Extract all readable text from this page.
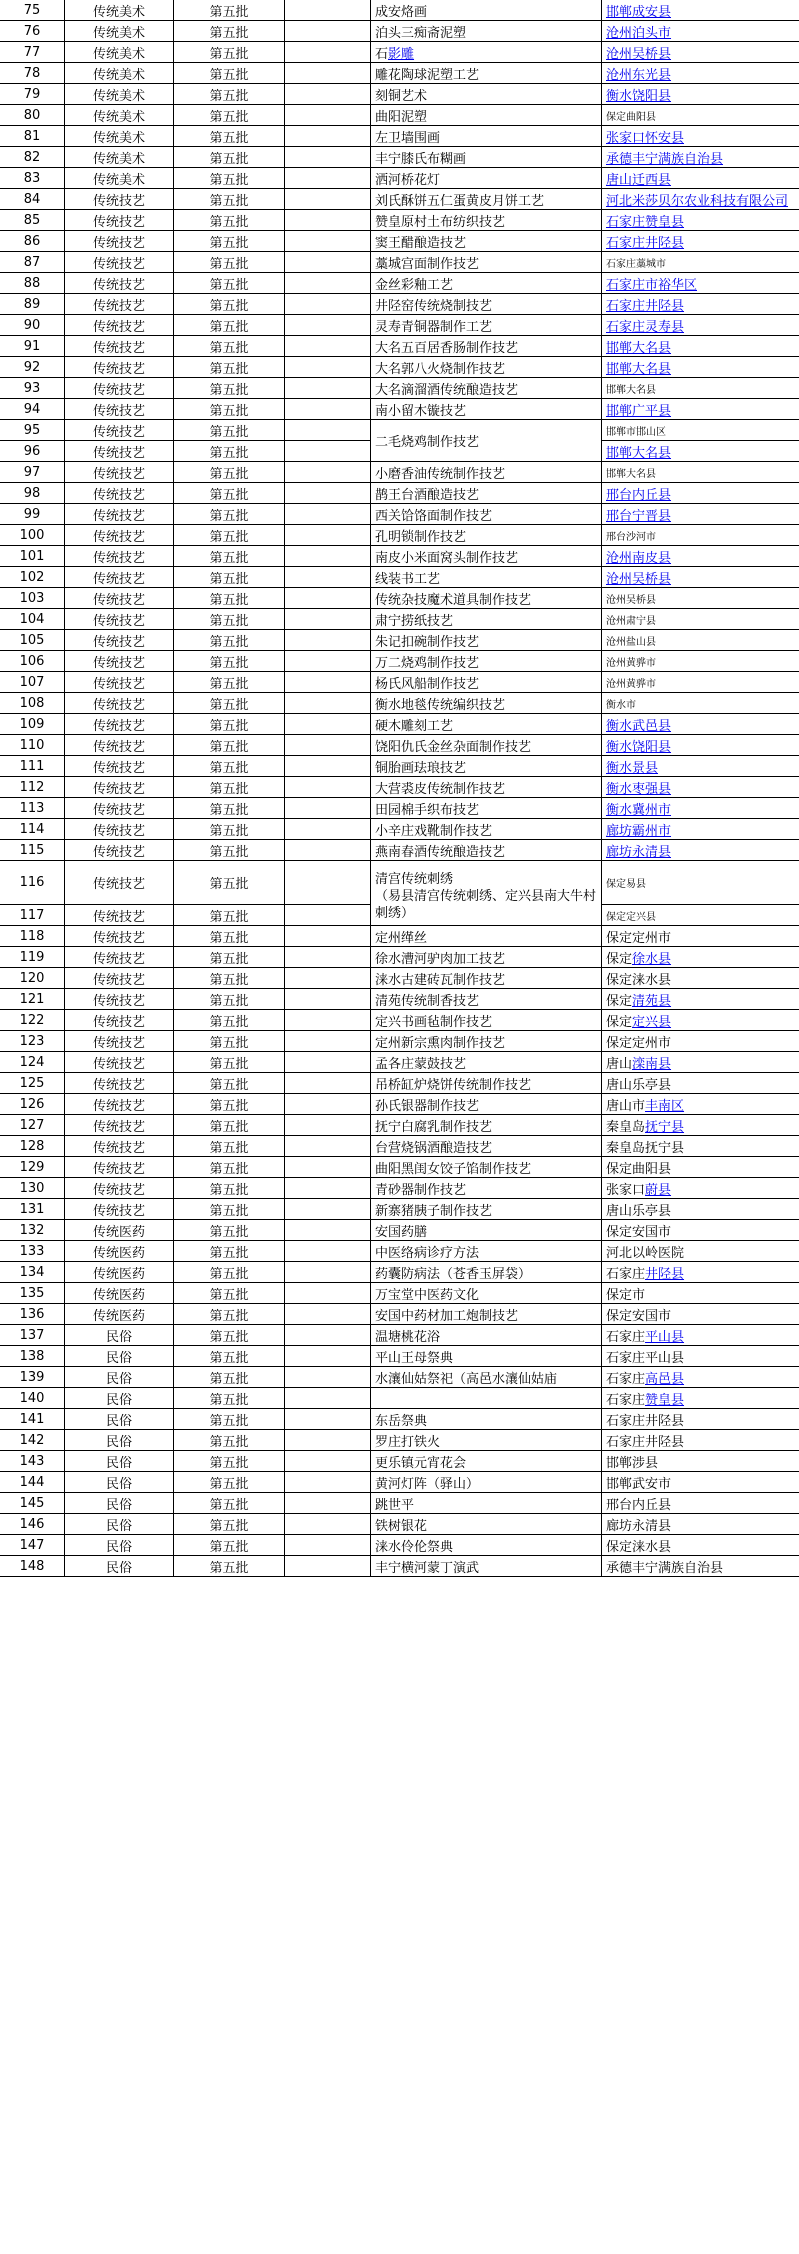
75	传统美术	第五批		成安烙画	邯郸成安县
76	传统美术	第五批		泊头三痴斋泥塑	沧州泊头市
77	传统美术	第五批		石影雕	沧州吴桥县
78	传统美术	第五批		雕花陶球泥塑工艺	沧州东光县
79	传统美术	第五批		刻铜艺术	衡水饶阳县
80	传统美术	第五批		曲阳泥塑	保定曲阳县
81	传统美术	第五批		左卫墙围画	张家口怀安县
82	传统美术	第五批		丰宁膝氏布糊画	承德丰宁满族自治县
83	传统美术	第五批		洒河桥花灯	唐山迁西县
84	传统技艺	第五批		刘氏酥饼五仁蛋黄皮月饼工艺	河北米莎贝尔农业科技有限公司
85	传统技艺	第五批		赞皇原村土布纺织技艺	石家庄赞皇县
86	传统技艺	第五批		窦王醋酿造技艺	石家庄井陉县
87	传统技艺	第五批		藁城宫面制作技艺	石家庄藁城市
88	传统技艺	第五批		金丝彩釉工艺	石家庄市裕华区
89	传统技艺	第五批		井陉窑传统烧制技艺	石家庄井陉县
90	传统技艺	第五批		灵寿青铜器制作工艺	石家庄灵寿县
91	传统技艺	第五批		大名五百居香肠制作技艺	邯郸大名县
92	传统技艺	第五批		大名郭八火烧制作技艺	邯郸大名县
93	传统技艺	第五批		大名滴溜酒传统酿造技艺	邯郸大名县
94	传统技艺	第五批		南小留木镟技艺	邯郸广平县
95	传统技艺	第五批		二毛烧鸡制作技艺	邯郸市邯山区
96	传统技艺	第五批			邯郸大名县
97	传统技艺	第五批		小磨香油传统制作技艺	邯郸大名县
98	传统技艺	第五批		鹊王台酒酿造技艺	邢台内丘县
99	传统技艺	第五批		西关饸饹面制作技艺	邢台宁晋县
100	传统技艺	第五批		孔明锁制作技艺	邢台沙河市
101	传统技艺	第五批		南皮小米面窝头制作技艺	沧州南皮县
102	传统技艺	第五批		线装书工艺	沧州吴桥县
103	传统技艺	第五批		传统杂技魔术道具制作技艺	沧州吴桥县
104	传统技艺	第五批		肃宁捞纸技艺	沧州肃宁县
105	传统技艺	第五批		朱记扣碗制作技艺	沧州盐山县
106	传统技艺	第五批		万二烧鸡制作技艺	沧州黄骅市
107	传统技艺	第五批		杨氏风船制作技艺	沧州黄骅市
108	传统技艺	第五批		衡水地毯传统编织技艺	衡水市
109	传统技艺	第五批		硬木雕刻工艺	衡水武邑县
110	传统技艺	第五批		饶阳仇氏金丝杂面制作技艺	衡水饶阳县
111	传统技艺	第五批		铜胎画珐琅技艺	衡水景县
112	传统技艺	第五批		大营裘皮传统制作技艺	衡水枣强县
113	传统技艺	第五批		田园棉手织布技艺	衡水冀州市
114	传统技艺	第五批		小辛庄戏靴制作技艺	廊坊霸州市
115	传统技艺	第五批		燕南春酒传统酿造技艺	廊坊永清县
116	传统技艺	第五批		清宫传统刺绣
（易县清宫传统刺绣、定兴县南大牛村刺绣）	保定易县
117	传统技艺	第五批			保定定兴县
118	传统技艺	第五批		定州缂丝	保定定州市
119	传统技艺	第五批		徐水漕河驴肉加工技艺	保定徐水县
120	传统技艺	第五批		涞水古建砖瓦制作技艺	保定涞水县
121	传统技艺	第五批		清苑传统制香技艺	保定清苑县
122	传统技艺	第五批		定兴书画毡制作技艺	保定定兴县
123	传统技艺	第五批		定州新宗熏肉制作技艺	保定定州市
124	传统技艺	第五批		孟各庄蒙鼓技艺	唐山滦南县
125	传统技艺	第五批		吊桥缸炉烧饼传统制作技艺	唐山乐亭县
126	传统技艺	第五批		孙氏银器制作技艺	唐山市丰南区
127	传统技艺	第五批		抚宁白腐乳制作技艺	秦皇岛抚宁县
128	传统技艺	第五批		台营烧锅酒酿造技艺	秦皇岛抚宁县
129	传统技艺	第五批		曲阳黑闺女饺子馅制作技艺	保定曲阳县
130	传统技艺	第五批		青砂器制作技艺	张家口蔚县
131	传统技艺	第五批		新寨猪胰子制作技艺	唐山乐亭县
132	传统医药	第五批		安国药膳	保定安国市
133	传统医药	第五批		中医络病诊疗方法	河北以岭医院
134	传统医药	第五批		药囊防病法（苍香玉屏袋）	石家庄井陉县
135	传统医药	第五批		万宝堂中医药文化	保定市
136	传统医药	第五批		安国中药材加工炮制技艺	保定安国市
137	民俗	第五批		温塘桃花浴	石家庄平山县
138	民俗	第五批		平山王母祭典	石家庄平山县
139	民俗	第五批		水瀼仙姑祭祀（高邑水瀼仙姑庙	石家庄高邑县
140	民俗	第五批			石家庄赞皇县
141	民俗	第五批		东岳祭典	石家庄井陉县
142	民俗	第五批		罗庄打铁火	石家庄井陉县
143	民俗	第五批		更乐镇元宵花会	邯郸涉县
144	民俗	第五批		黄河灯阵（驿山）	邯郸武安市
145	民俗	第五批		跳世平	邢台内丘县
146	民俗	第五批		铁树银花	廊坊永清县
147	民俗	第五批		涞水伶伦祭典	保定涞水县
148	民俗	第五批		丰宁横河蒙丁演武	承德丰宁满族自治县
